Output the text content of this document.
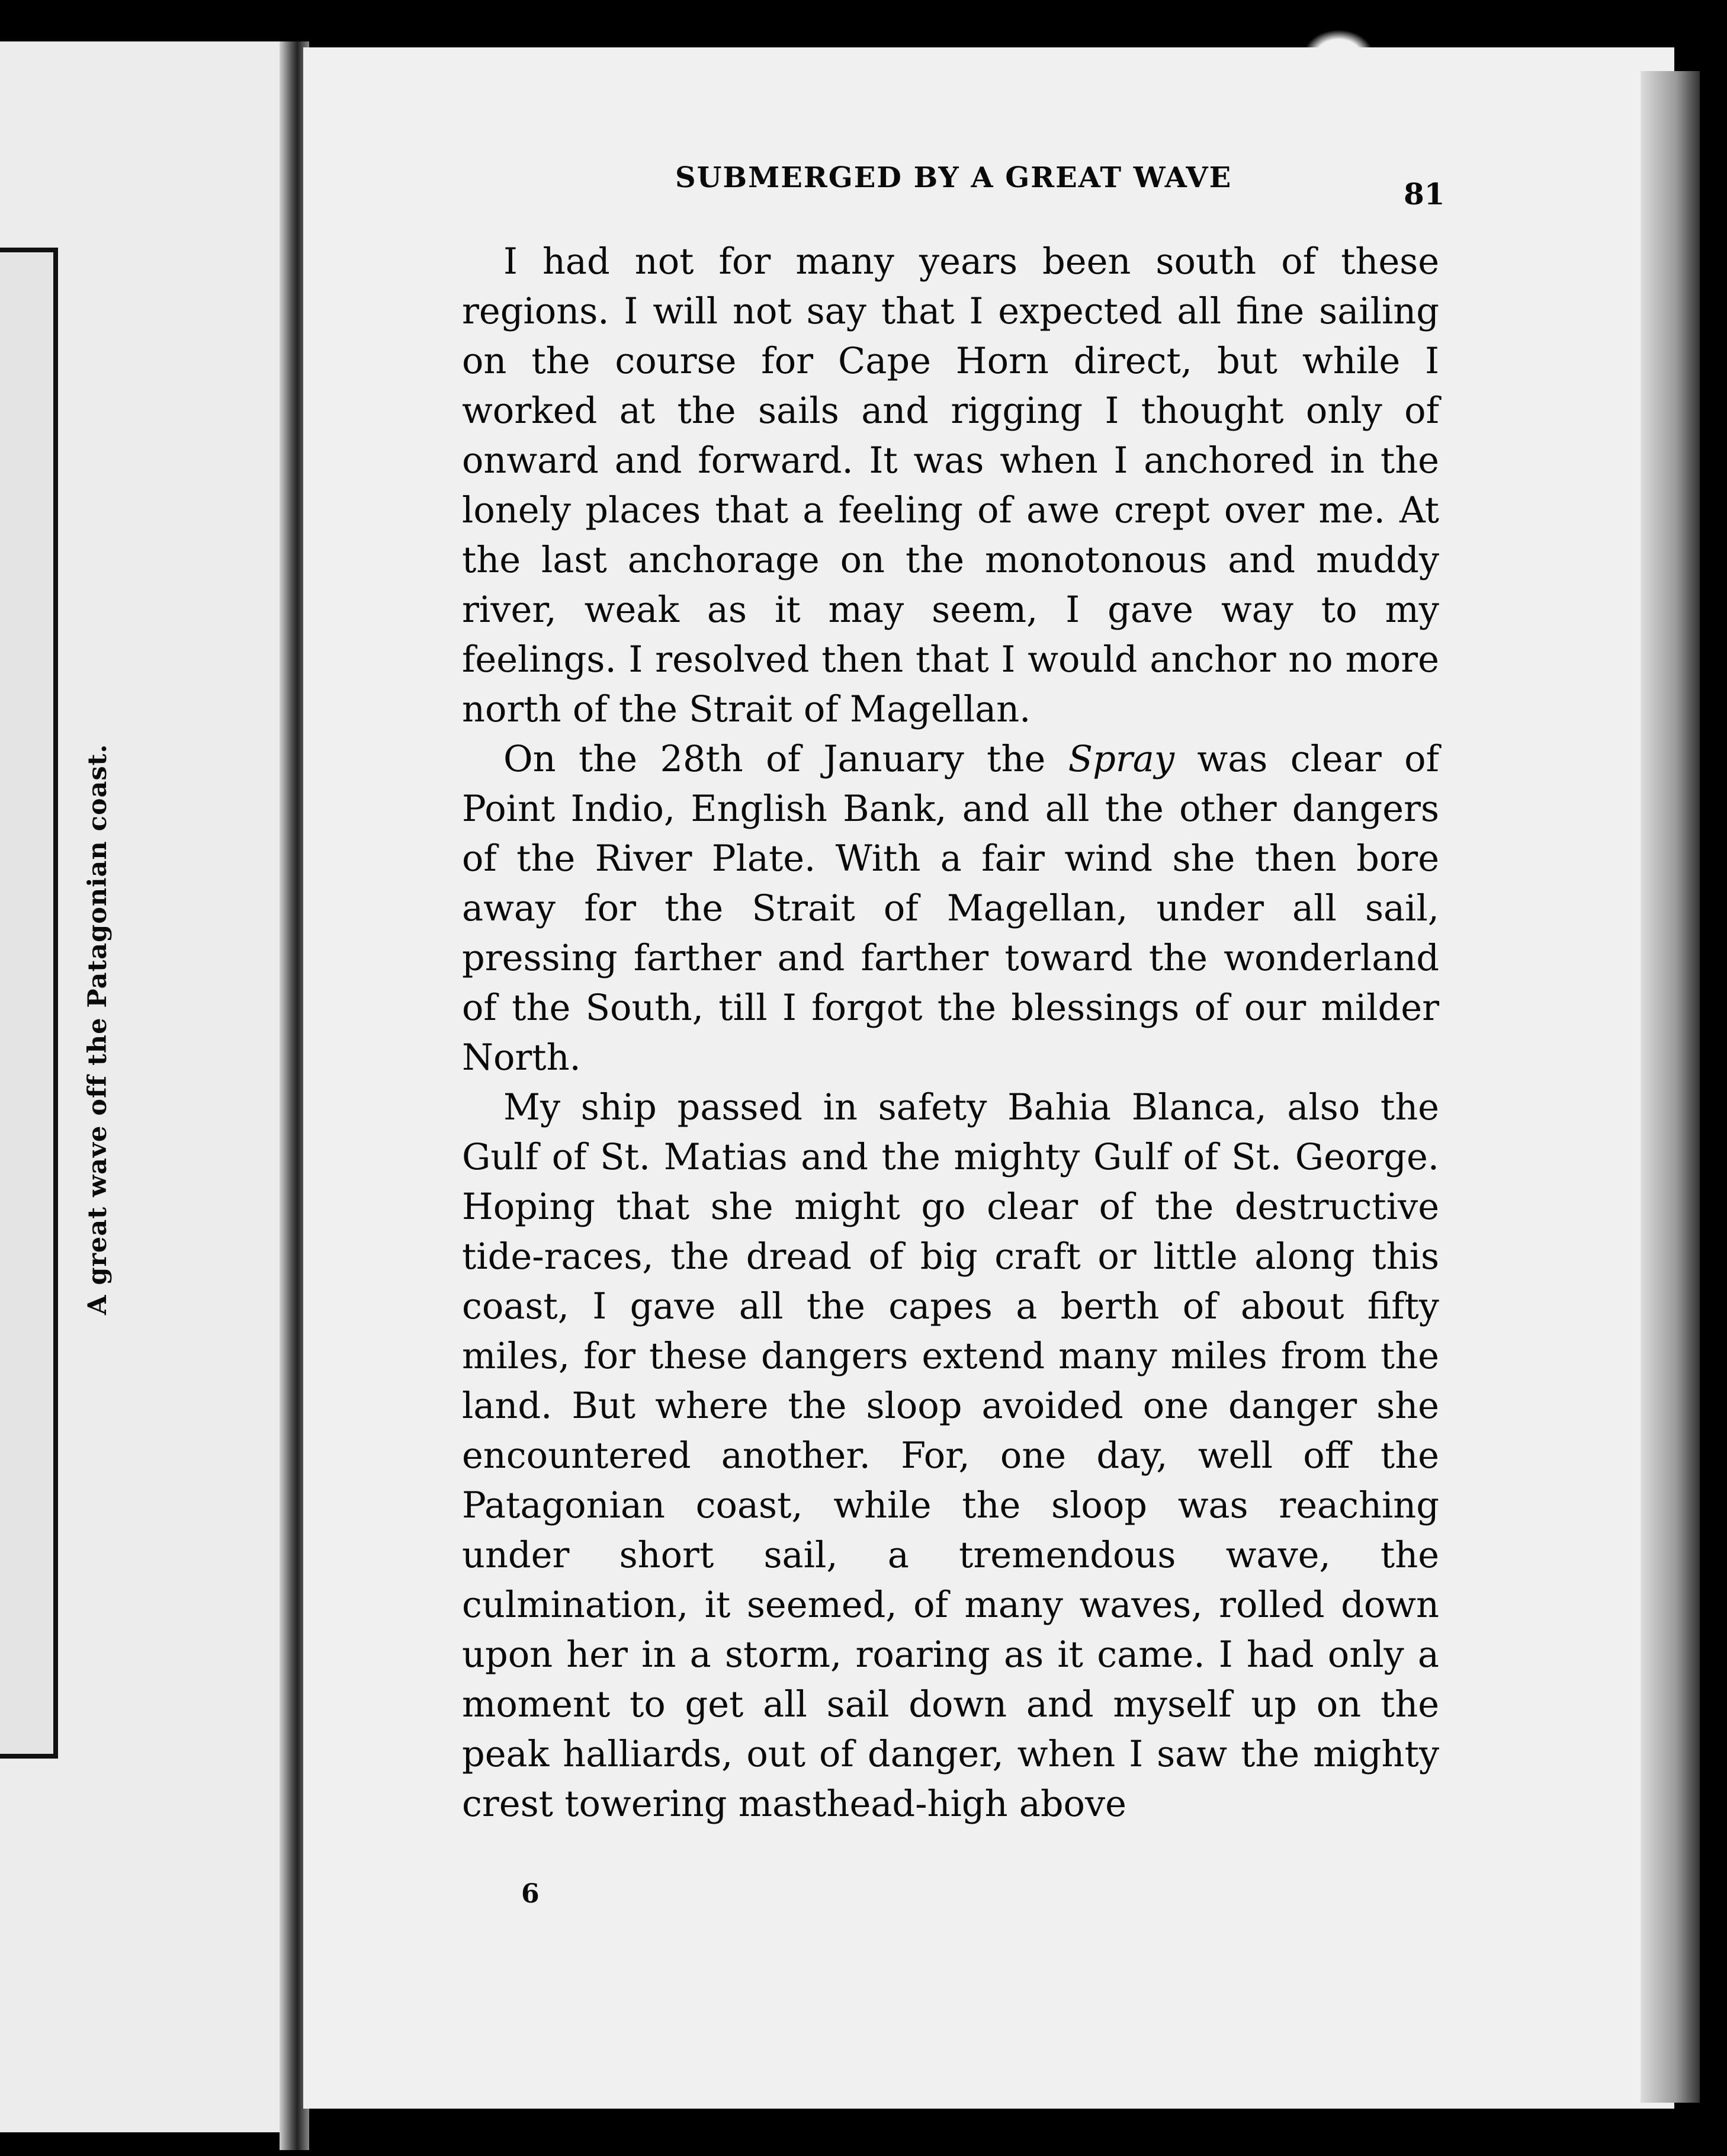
A great wave off the Patagonian coast.
SUBMERGED BY A GREAT WAVE	81

I had not for many years been south of these regions. I will not say that I expected all fine sailing on the course for Cape Horn direct, but while I worked at the sails and rigging I thought only of onward and forward. It was when I anchored in the lonely places that a feeling of awe crept over me. At the last anchorage on the monotonous and muddy river, weak as it may seem, I gave way to my feelings. I resolved then that I would anchor no more north of the Strait of Magellan.

On the 28th of January the Spray was clear of Point Indio, English Bank, and all the other dangers of the River Plate. With a fair wind she then bore away for the Strait of Magellan, under all sail, pressing farther and farther toward the wonderland of the South, till I forgot the blessings of our milder North.

My ship passed in safety Bahia Blanca, also the Gulf of St. Matias and the mighty Gulf of St. George. Hoping that she might go clear of the destructive tide-races, the dread of big craft or little along this coast, I gave all the capes a berth of about fifty miles, for these dangers extend many miles from the land. But where the sloop avoided one danger she encountered another. For, one day, well off the Patagonian coast, while the sloop was reaching under short sail, a tremendous wave, the culmination, it seemed, of many waves, rolled down upon her in a storm, roaring as it came. I had only a moment to get all sail down and myself up on the peak halliards, out of danger, when I saw the mighty crest towering masthead-high above

6
